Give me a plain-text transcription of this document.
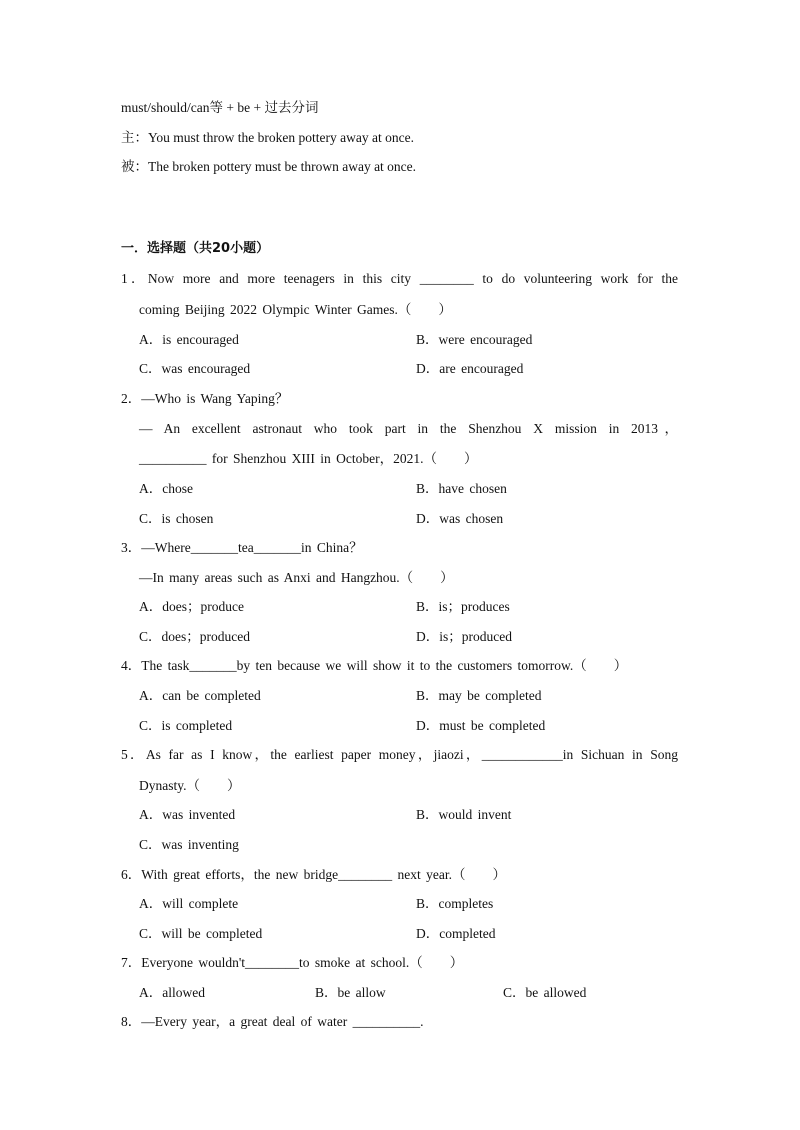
must/should/can等 + be + 过去分词
主：You must throw the broken pottery away at once.
被：The broken pottery must be thrown away at once.
一．选择题（共20小题）
1．Now more and more teenagers in this city ________ to do volunteering work for the
coming Beijing 2022 Olympic Winter Games.（　　）
A．is encouraged	B．were encouraged
C．was encouraged	D．are encouraged
2．—Who is Wang Yaping？
— An excellent astronaut who took part in the Shenzhou X mission in 2013，
__________ for Shenzhou XIII in October，2021.（　　）
A．chose	B．have chosen
C．is chosen	D．was chosen
3．—Where_______tea_______in China？
—In many areas such as Anxi and Hangzhou.（　　）
A．does；produce	B．is；produces
C．does；produced	D．is；produced
4．The task_______by ten because we will show it to the customers tomorrow.（　　）
A．can be completed	B．may be completed
C．is completed	D．must be completed
5．As far as I know，the earliest paper money，jiaozi，____________in Sichuan in Song
Dynasty.（　　）
A．was invented	B．would invent
C．was inventing
6．With great efforts，the new bridge________ next year.（　　）
A．will complete	B．completes
C．will be completed	D．completed
7．Everyone wouldn't________to smoke at school.（　　）
A．allowed	B．be allow	C．be allowed
8．—Every year，a great deal of water __________.
